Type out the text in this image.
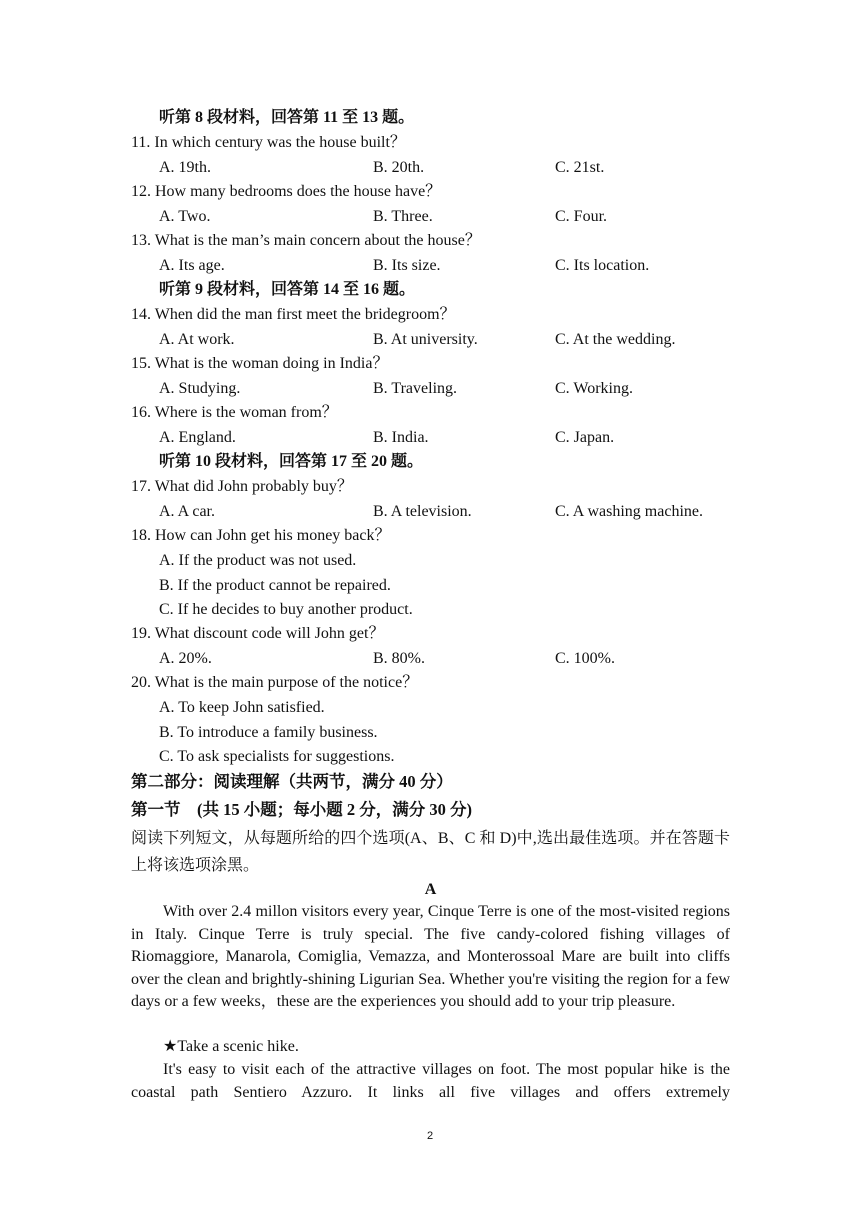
听第 8 段材料，回答第 11 至 13 题。
11. In which century was the house built？
A. 19th.	B. 20th.	C. 21st.
12. How many bedrooms does the house have？
A. Two.	B. Three.	C. Four.
13. What is the man’s main concern about the house？
A. Its age.	B. Its size.	C. Its location.
听第 9 段材料，回答第 14 至 16 题。
14. When did the man first meet the bridegroom？
A. At work.	B. At university.	C. At the wedding.
15. What is the woman doing in India？
A. Studying.	B. Traveling.	C. Working.
16. Where is the woman from？
A. England.	B. India.	C. Japan.
听第 10 段材料，回答第 17 至 20 题。
17. What did John probably buy？
A. A car.	B. A television.	C. A washing machine.
18. How can John get his money back？
A. If the product was not used.
B. If the product cannot be repaired.
C. If he decides to buy another product.
19. What discount code will John get？
A. 20%.	B. 80%.	C. 100%.
20. What is the main purpose of the notice？
A. To keep John satisfied.
B. To introduce a family business.
C. To ask specialists for suggestions.
第二部分：阅读理解（共两节，满分 40 分）
第一节　(共 15 小题；每小题 2 分，满分 30 分)
阅读下列短文，从每题所给的四个选项(A、B、C 和 D)中,选出最佳选项。并在答题卡上将该选项涂黑。
A

With over 2.4 millon visitors every year, Cinque Terre is one of the most-visited regions in Italy. Cinque Terre is truly special. The five candy-colored fishing villages of Riomaggiore, Manarola, Comiglia, Vemazza, and Monterossoal Mare are built into cliffs over the clean and brightly-shining Ligurian Sea. Whether you're visiting the region for a few days or a few weeks，these are the experiences you should add to your trip pleasure.

★Take a scenic hike.

It's easy to visit each of the attractive villages on foot. The most popular hike is the coastal path Sentiero Azzuro. It links all five villages and offers extremely

2
